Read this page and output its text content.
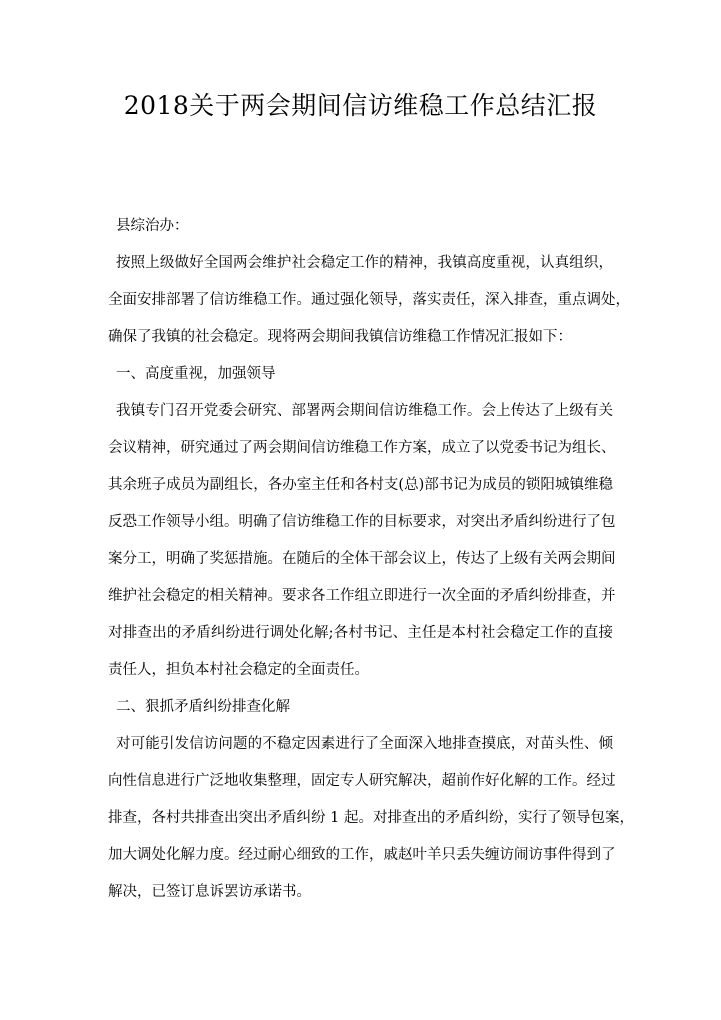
2018关于两会期间信访维稳工作总结汇报
县综治办：
按照上级做好全国两会维护社会稳定工作的精神，我镇高度重视，认真组织，
全面安排部署了信访维稳工作。通过强化领导，落实责任，深入排查，重点调处，
确保了我镇的社会稳定。现将两会期间我镇信访维稳工作情况汇报如下：
一、高度重视，加强领导
我镇专门召开党委会研究、部署两会期间信访维稳工作。会上传达了上级有关
会议精神，研究通过了两会期间信访维稳工作方案，成立了以党委书记为组长、
其余班子成员为副组长，各办室主任和各村支(总)部书记为成员的锁阳城镇维稳
反恐工作领导小组。明确了信访维稳工作的目标要求，对突出矛盾纠纷进行了包
案分工，明确了奖惩措施。在随后的全体干部会议上，传达了上级有关两会期间
维护社会稳定的相关精神。要求各工作组立即进行一次全面的矛盾纠纷排查，并
对排查出的矛盾纠纷进行调处化解;各村书记、主任是本村社会稳定工作的直接
责任人，担负本村社会稳定的全面责任。
二、狠抓矛盾纠纷排查化解
对可能引发信访问题的不稳定因素进行了全面深入地排查摸底，对苗头性、倾
向性信息进行广泛地收集整理，固定专人研究解决，超前作好化解的工作。经过
排查，各村共排查出突出矛盾纠纷 1 起。对排查出的矛盾纠纷，实行了领导包案，
加大调处化解力度。经过耐心细致的工作，戚赵叶羊只丢失缠访闹访事件得到了
解决，已签订息诉罢访承诺书。
